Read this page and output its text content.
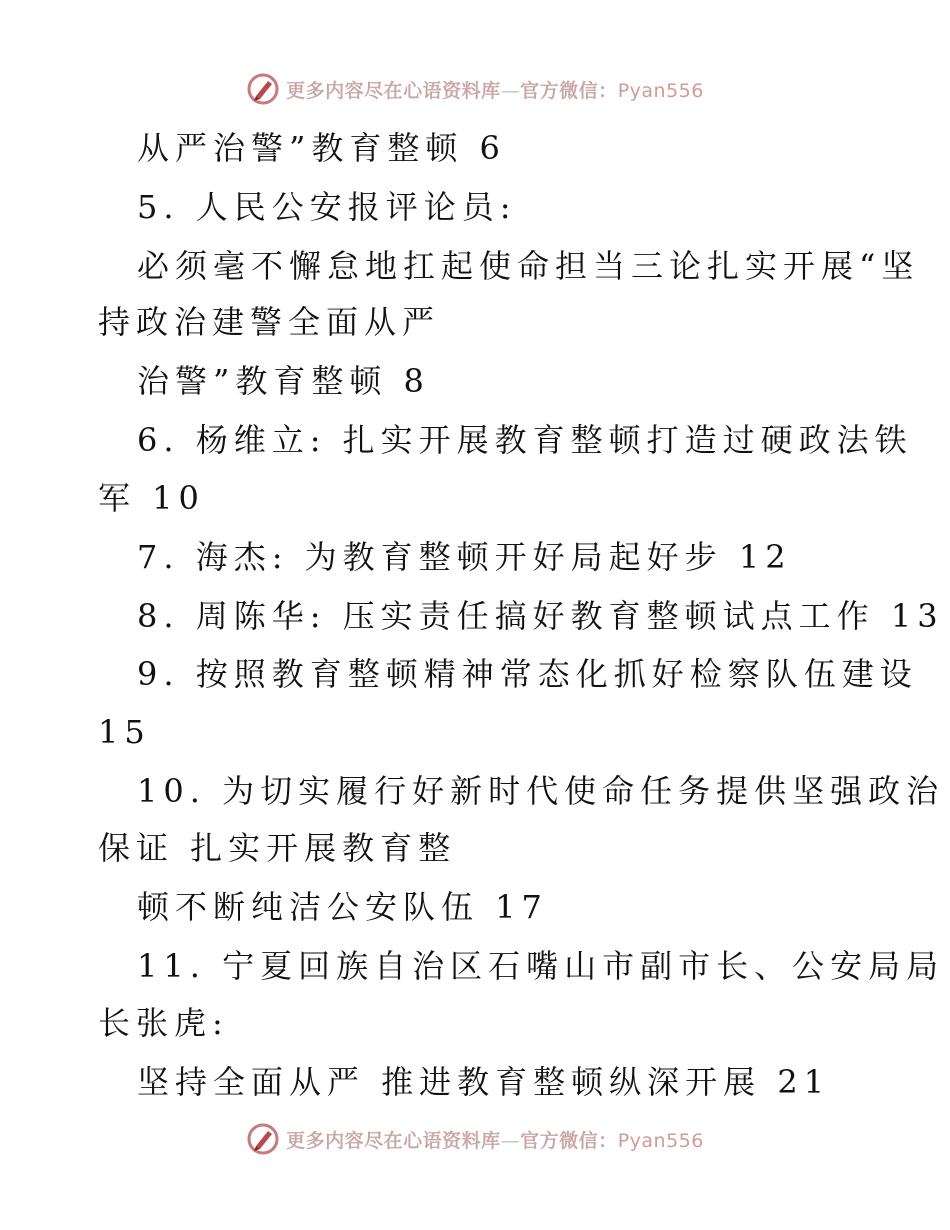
更多内容尽在心语资料库—官方微信：Pyan556
从严治警”教育整顿 6
5. 人民公安报评论员:
必须毫不懈怠地扛起使命担当三论扎实开展“坚
持政治建警全面从严
治警”教育整顿 8
6. 杨维立: 扎实开展教育整顿打造过硬政法铁
军 10
7. 海杰: 为教育整顿开好局起好步 12
8. 周陈华: 压实责任搞好教育整顿试点工作 13
9. 按照教育整顿精神常态化抓好检察队伍建设
15
10. 为切实履行好新时代使命任务提供坚强政治
保证 扎实开展教育整
顿不断纯洁公安队伍 17
11. 宁夏回族自治区石嘴山市副市长、公安局局
长张虎:
坚持全面从严 推进教育整顿纵深开展 21
更多内容尽在心语资料库—官方微信：Pyan556
